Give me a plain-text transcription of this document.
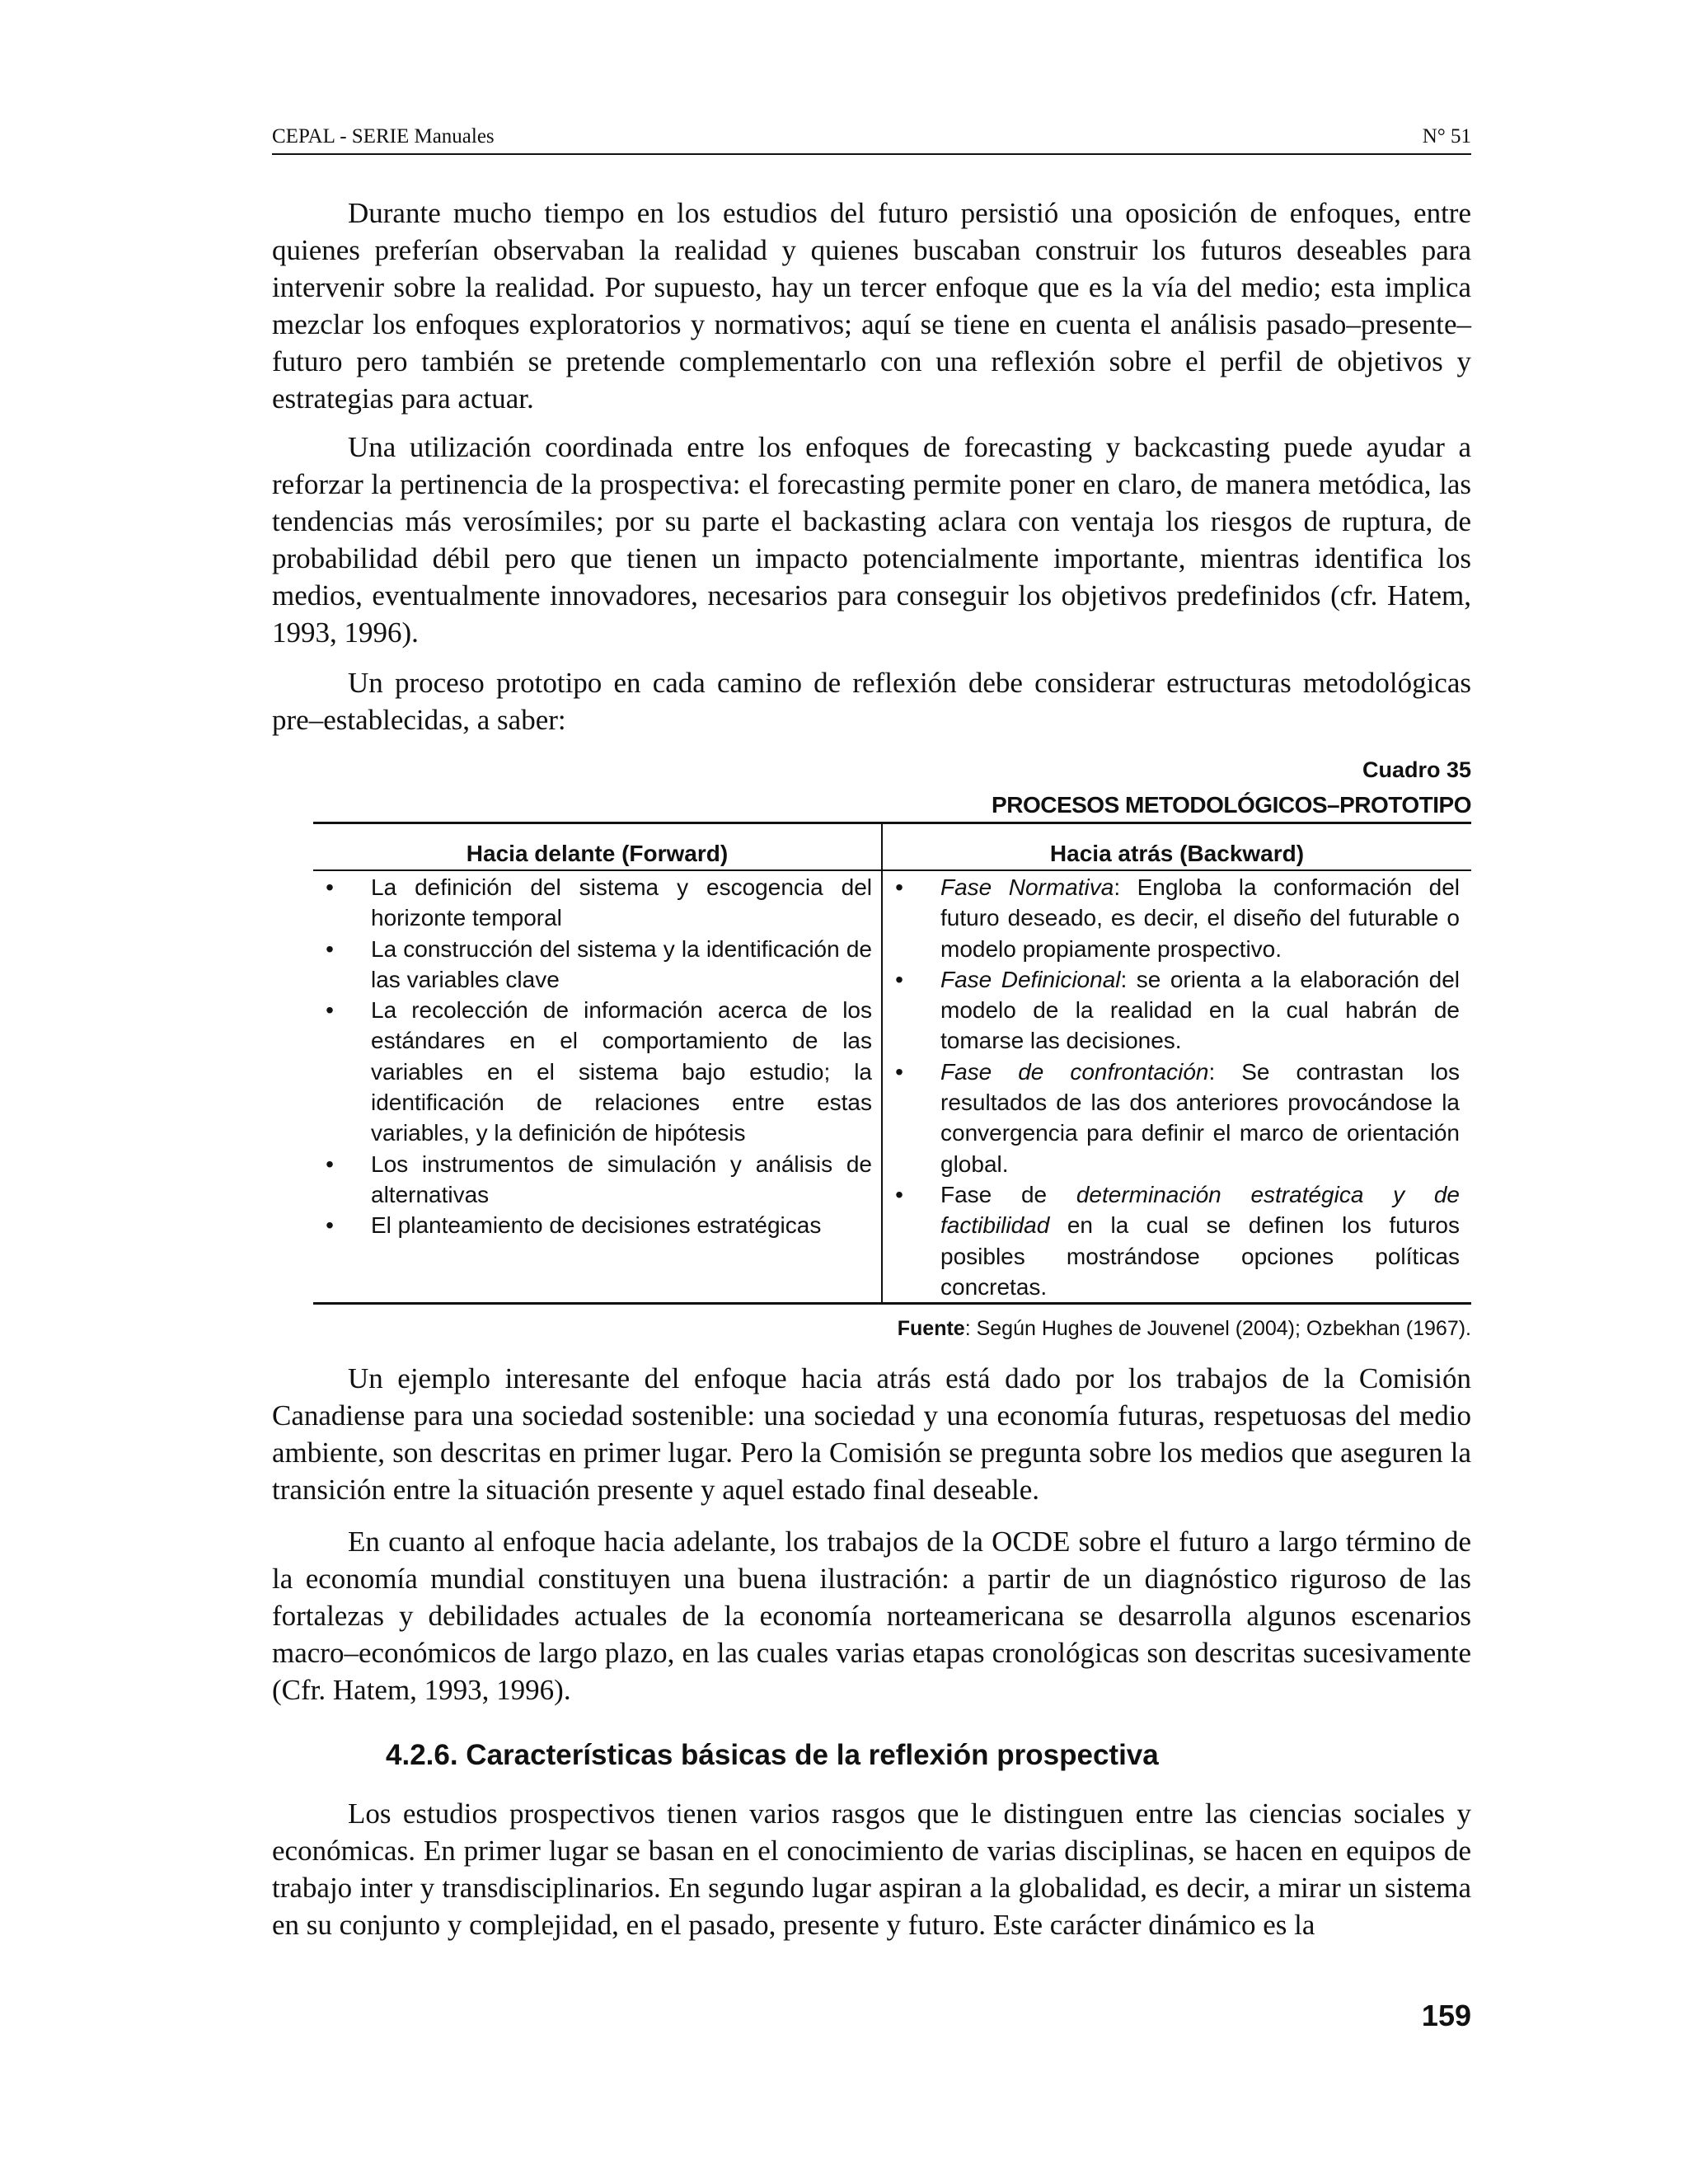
CEPAL - SERIE Manuales	N° 51

Durante mucho tiempo en los estudios del futuro persistió una oposición de enfoques, entre quienes preferían observaban la realidad y quienes buscaban construir los futuros deseables para intervenir sobre la realidad. Por supuesto, hay un tercer enfoque que es la vía del medio; esta implica mezclar los enfoques exploratorios y normativos; aquí se tiene en cuenta el análisis pasado–presente–futuro pero también se pretende complementarlo con una reflexión sobre el perfil de objetivos y estrategias para actuar.

Una utilización coordinada entre los enfoques de forecasting y backcasting puede ayudar a reforzar la pertinencia de la prospectiva: el forecasting permite poner en claro, de manera metódica, las tendencias más verosímiles; por su parte el backasting aclara con ventaja los riesgos de ruptura, de probabilidad débil pero que tienen un impacto potencialmente importante, mientras identifica los medios, eventualmente innovadores, necesarios para conseguir los objetivos predefinidos (cfr. Hatem, 1993, 1996).

Un proceso prototipo en cada camino de reflexión debe considerar estructuras metodológicas pre–establecidas, a saber:

Cuadro 35
PROCESOS METODOLÓGICOS–PROTOTIPO
Hacia delante (Forward)	Hacia atrás (Backward)
• La definición del sistema y escogencia del horizonte temporal
• La construcción del sistema y la identificación de las variables clave
• La recolección de información acerca de los estándares en el comportamiento de las variables en el sistema bajo estudio; la identificación de relaciones entre estas variables, y la definición de hipótesis
• Los instrumentos de simulación y análisis de alternativas
• El planteamiento de decisiones estratégicas
• Fase Normativa: Engloba la conformación del futuro deseado, es decir, el diseño del futurable o modelo propiamente prospectivo.
• Fase Definicional: se orienta a la elaboración del modelo de la realidad en la cual habrán de tomarse las decisiones.
• Fase de confrontación: Se contrastan los resultados de las dos anteriores provocándose la convergencia para definir el marco de orientación global.
• Fase de determinación estratégica y de factibilidad en la cual se definen los futuros posibles mostrándose opciones políticas concretas.
Fuente: Según Hughes de Jouvenel (2004); Ozbekhan (1967).

Un ejemplo interesante del enfoque hacia atrás está dado por los trabajos de la Comisión Canadiense para una sociedad sostenible: una sociedad y una economía futuras, respetuosas del medio ambiente, son descritas en primer lugar. Pero la Comisión se pregunta sobre los medios que aseguren la transición entre la situación presente y aquel estado final deseable.

En cuanto al enfoque hacia adelante, los trabajos de la OCDE sobre el futuro a largo término de la economía mundial constituyen una buena ilustración: a partir de un diagnóstico riguroso de las fortalezas y debilidades actuales de la economía norteamericana se desarrolla algunos escenarios macro–económicos de largo plazo, en las cuales varias etapas cronológicas son descritas sucesivamente (Cfr. Hatem, 1993, 1996).

4.2.6. Características básicas de la reflexión prospectiva

Los estudios prospectivos tienen varios rasgos que le distinguen entre las ciencias sociales y económicas. En primer lugar se basan en el conocimiento de varias disciplinas, se hacen en equipos de trabajo inter y transdisciplinarios. En segundo lugar aspiran a la globalidad, es decir, a mirar un sistema en su conjunto y complejidad, en el pasado, presente y futuro. Este carácter dinámico es la

159
